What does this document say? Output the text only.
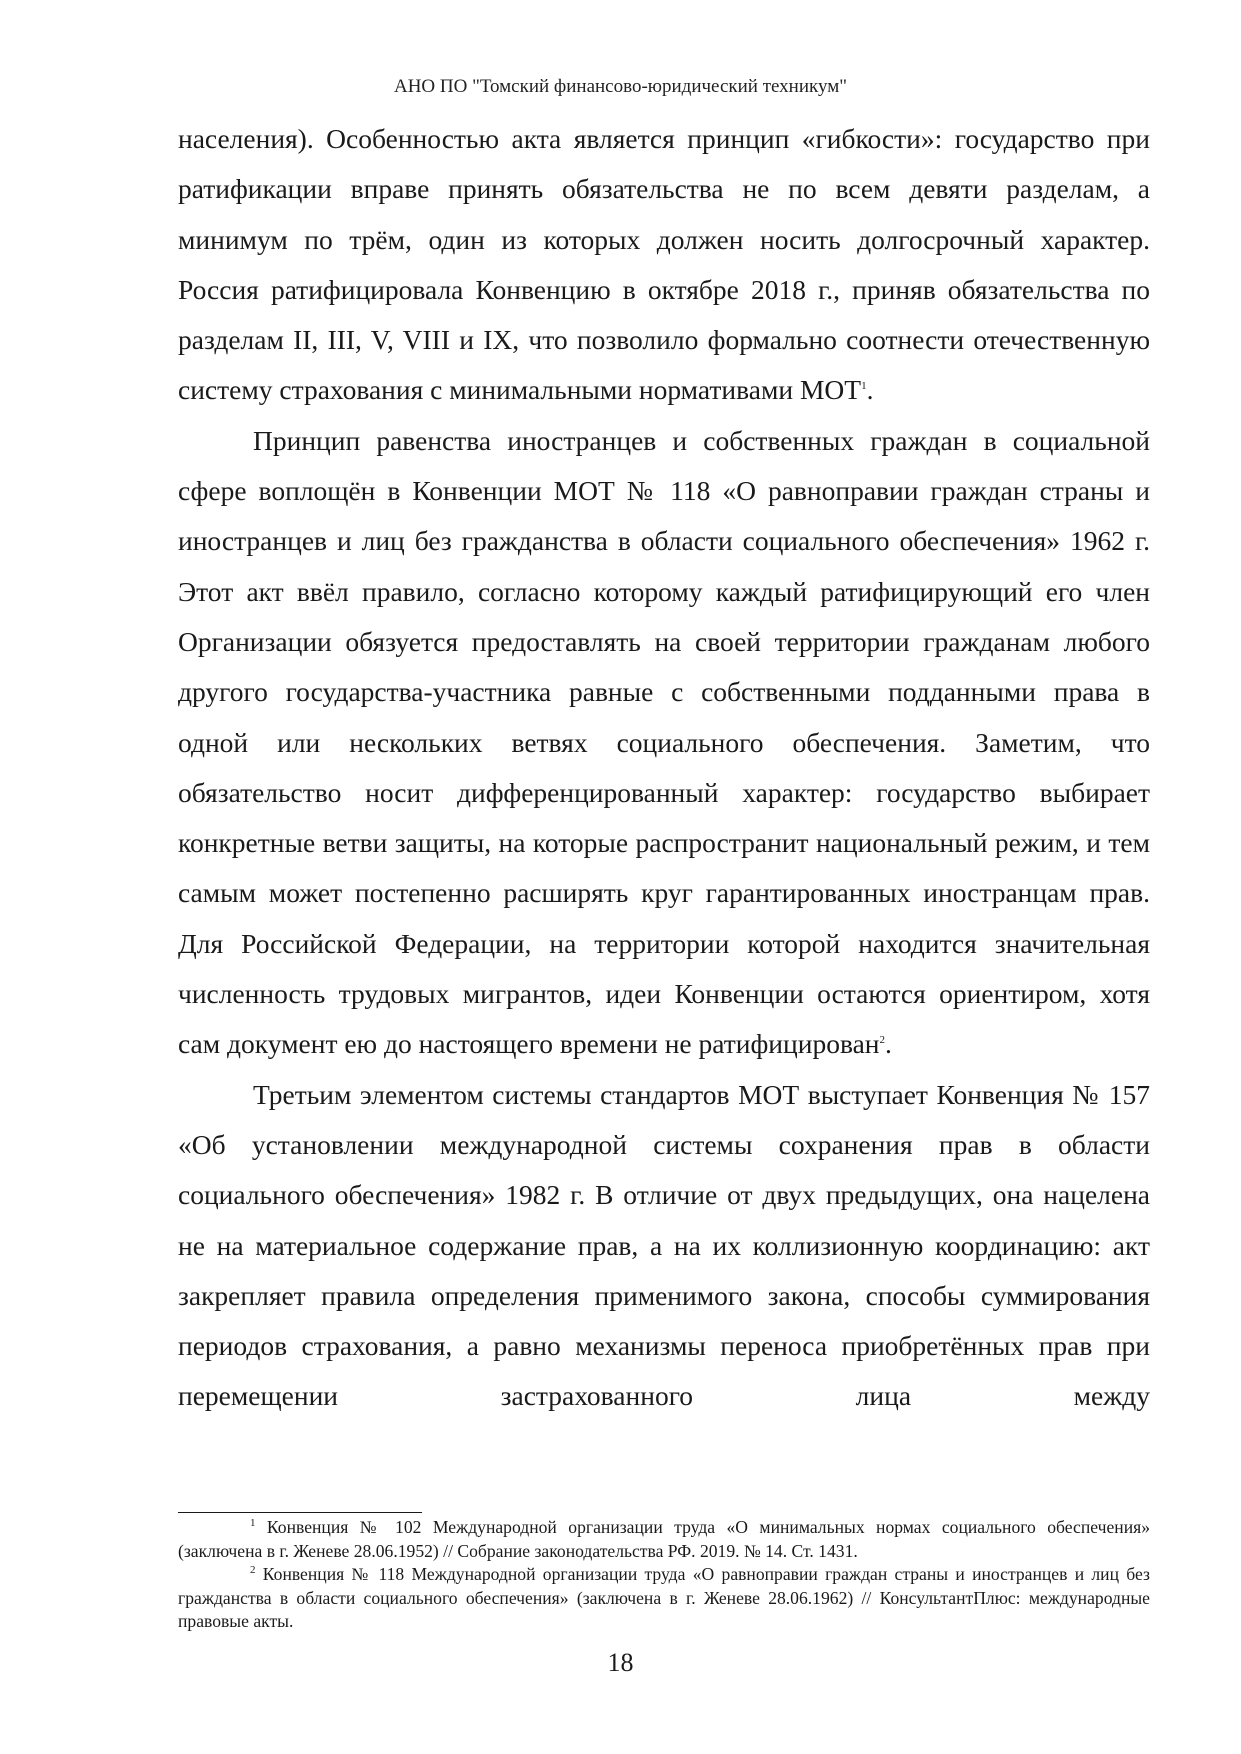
АНО ПО "Томский финансово-юридический техникум"

населения). Особенностью акта является принцип «гибкости»: государство при ратификации вправе принять обязательства не по всем девяти разделам, а минимум по трём, один из которых должен носить долгосрочный характер. Россия ратифицировала Конвенцию в октябре 2018 г., приняв обязательства по разделам II, III, V, VIII и IX, что позволило формально соотнести отечественную систему страхования с минимальными нормативами МОТ$^1$.

Принцип равенства иностранцев и собственных граждан в социальной сфере воплощён в Конвенции МОТ № 118 «О равноправии граждан страны и иностранцев и лиц без гражданства в области социального обеспечения» 1962 г. Этот акт ввёл правило, согласно которому каждый ратифицирующий его член Организации обязуется предоставлять на своей территории гражданам любого другого государства-участника равные с собственными подданными права в одной или нескольких ветвях социального обеспечения. Заметим, что обязательство носит дифференцированный характер: государство выбирает конкретные ветви защиты, на которые распространит национальный режим, и тем самым может постепенно расширять круг гарантированных иностранцам прав. Для Российской Федерации, на территории которой находится значительная численность трудовых мигрантов, идеи Конвенции остаются ориентиром, хотя сам документ ею до настоящего времени не ратифицирован$^2$.

Третьим элементом системы стандартов МОТ выступает Конвенция № 157 «Об установлении международной системы сохранения прав в области социального обеспечения» 1982 г. В отличие от двух предыдущих, она нацелена не на материальное содержание прав, а на их коллизионную координацию: акт закрепляет правила определения применимого закона, способы суммирования периодов страхования, а равно механизмы переноса приобретённых прав при перемещении застрахованного лица между

$^1$ Конвенция № 102 Международной организации труда «О минимальных нормах социального обеспечения» (заключена в г. Женеве 28.06.1952) // Собрание законодательства РФ. 2019. № 14. Ст. 1431.

$^2$ Конвенция № 118 Международной организации труда «О равноправии граждан страны и иностранцев и лиц без гражданства в области социального обеспечения» (заключена в г. Женеве 28.06.1962) // КонсультантПлюс: международные правовые акты.

18
